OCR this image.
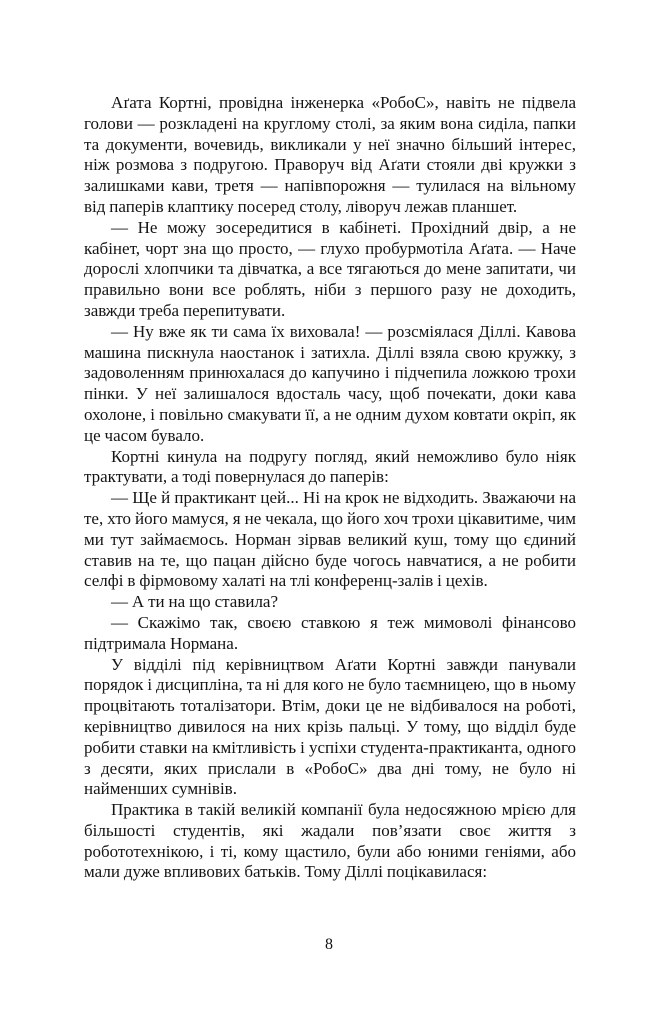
Аґата Кортні, провідна інженерка «РобоС», навіть не підвела голови — розкладені на круглому столі, за яким вона сиділа, папки та документи, вочевидь, викликали у неї значно більший інтерес, ніж розмова з подругою. Праворуч від Аґати стояли дві кружки з залишками кави, третя — напівпорожня — тулилася на вільному від паперів клаптику посеред столу, ліворуч лежав планшет.

— Не можу зосередитися в кабінеті. Прохідний двір, а не кабінет, чорт зна що просто, — глухо пробурмотіла Аґата. — Наче дорослі хлопчики та дівчатка, а все тягаються до мене запитати, чи правильно вони все роблять, ніби з першого разу не доходить, завжди треба перепитувати.

— Ну вже як ти сама їх виховала! — розсміялася Діллі. Кавова машина пискнула наостанок і затихла. Діллі взяла свою кружку, з задоволенням принюхалася до капучино і підчепила ложкою трохи пінки. У неї залишалося вдосталь часу, щоб почекати, доки кава охолоне, і повільно смакувати її, а не одним духом ковтати окріп, як це часом бувало.

Кортні кинула на подругу погляд, який неможливо було ніяк трактувати, а тоді повернулася до паперів:

— Ще й практикант цей... Ні на крок не відходить. Зважаючи на те, хто його мамуся, я не чекала, що його хоч трохи цікавитиме, чим ми тут займаємось. Норман зірвав великий куш, тому що єдиний ставив на те, що пацан дійсно буде чогось навчатися, а не робити селфі в фірмовому халаті на тлі конференц-залів і цехів.

— А ти на що ставила?

— Скажімо так, своєю ставкою я теж мимоволі фінансово підтримала Нормана.

У відділі під керівництвом Аґати Кортні завжди панували порядок і дисципліна, та ні для кого не було таємницею, що в ньому процвітають тоталізатори. Втім, доки це не відбивалося на роботі, керівництво дивилося на них крізь пальці. У тому, що відділ буде робити ставки на кмітливість і успіхи студента-практиканта, одного з десяти, яких прислали в «РобоС» два дні тому, не було ні найменших сумнівів.

Практика в такій великій компанії була недосяжною мрією для більшості студентів, які жадали пов’язати своє життя з робототехнікою, і ті, кому щастило, були або юними геніями, або мали дуже впливових батьків. Тому Діллі поцікавилася:

8
